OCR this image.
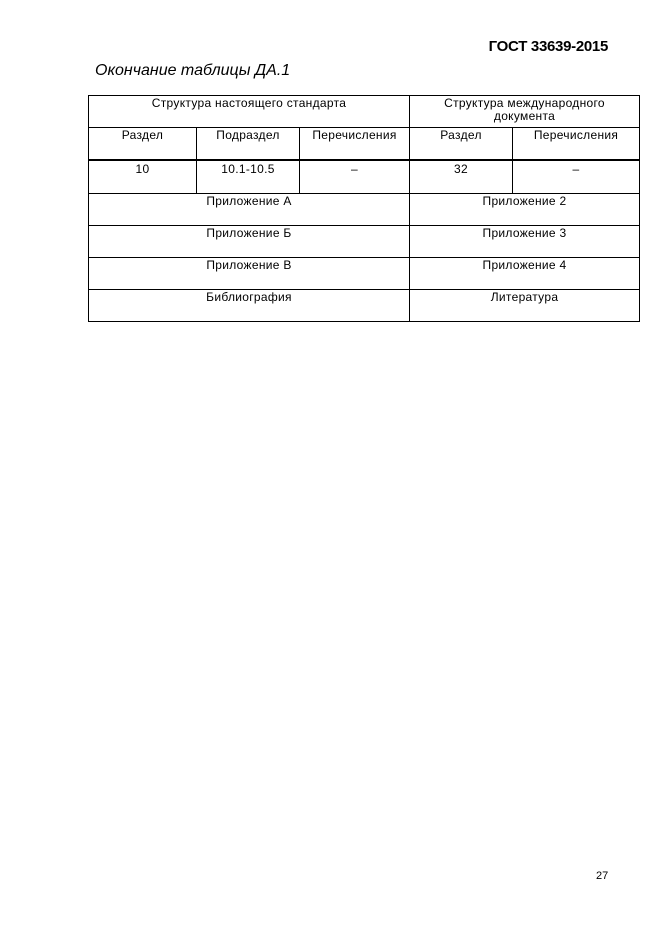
ГОСТ 33639-2015
Окончание таблицы ДА.1
Структура настоящего стандарта			Структура международного документа	
Раздел	Подраздел	Перечисления	Раздел	Перечисления
10	10.1-10.5	–	32	–
Приложение А			Приложение 2	
Приложение Б			Приложение 3	
Приложение В			Приложение 4	
Библиография			Литература	
27
